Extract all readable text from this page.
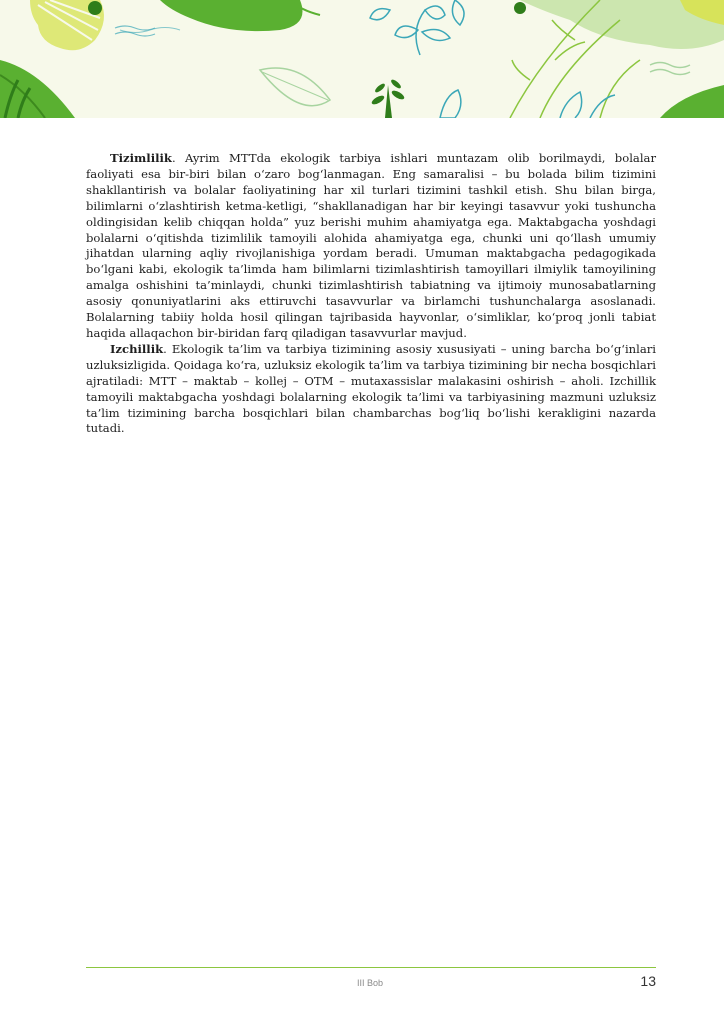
Tizimlilik. Ayrim MTTda ekologik tarbiya ishlari muntazam olib borilmaydi, bolalar faoliyati esa bir-biri bilan o‘zaro bog‘lanmagan. Eng samaralisi – bu bolada bilim tizimini shakllantirish va bolalar faoliyatining har xil turlari tizimini tashkil etish. Shu bilan birga, bilimlarni o‘zlashtirish ketma-ketligi, “shakllanadigan har bir keyingi tasavvur yoki tushuncha oldingisidan kelib chiqqan holda” yuz berishi muhim ahamiyatga ega. Maktabgacha yoshdagi bolalarni o‘qitishda tizimlilik tamoyili alohida ahamiyatga ega, chunki uni qo‘llash umumiy jihatdan ularning aqliy rivojlanishiga yordam beradi. Umuman maktabgacha pedagogikada bo‘lgani kabi, ekologik ta’limda ham bilimlarni tizimlashtirish tamoyillari ilmiylik tamoyilining amalga oshishini ta’minlaydi, chunki tizimlashtirish tabiatning va ijtimoiy munosabatlarning asosiy qonuniyatlarini aks ettiruvchi tasavvurlar va birlamchi tushunchalarga asoslanadi. Bolalarning tabiiy holda hosil qilingan tajribasida hayvonlar, o‘simliklar, ko‘proq jonli tabiat haqida allaqachon bir-biridan farq qiladigan tasavvurlar mavjud.

Izchillik. Ekologik ta’lim va tarbiya tizimining asosiy xususiyati – uning barcha bo‘g‘inlari uzluksizligida. Qoidaga ko‘ra, uzluksiz ekologik ta’lim va tarbiya tizimining bir necha bosqichlari ajratiladi: MTT – maktab – kollej – OTM – mutaxassislar malakasini oshirish – aholi. Izchillik tamoyili maktabgacha yoshdagi bolalarning ekologik ta’limi va tarbiyasining mazmuni uzluksiz ta’lim tizimining barcha bosqichlari bilan chambarchas bog‘liq bo‘lishi kerakligini nazarda tutadi.

III Bob	13
